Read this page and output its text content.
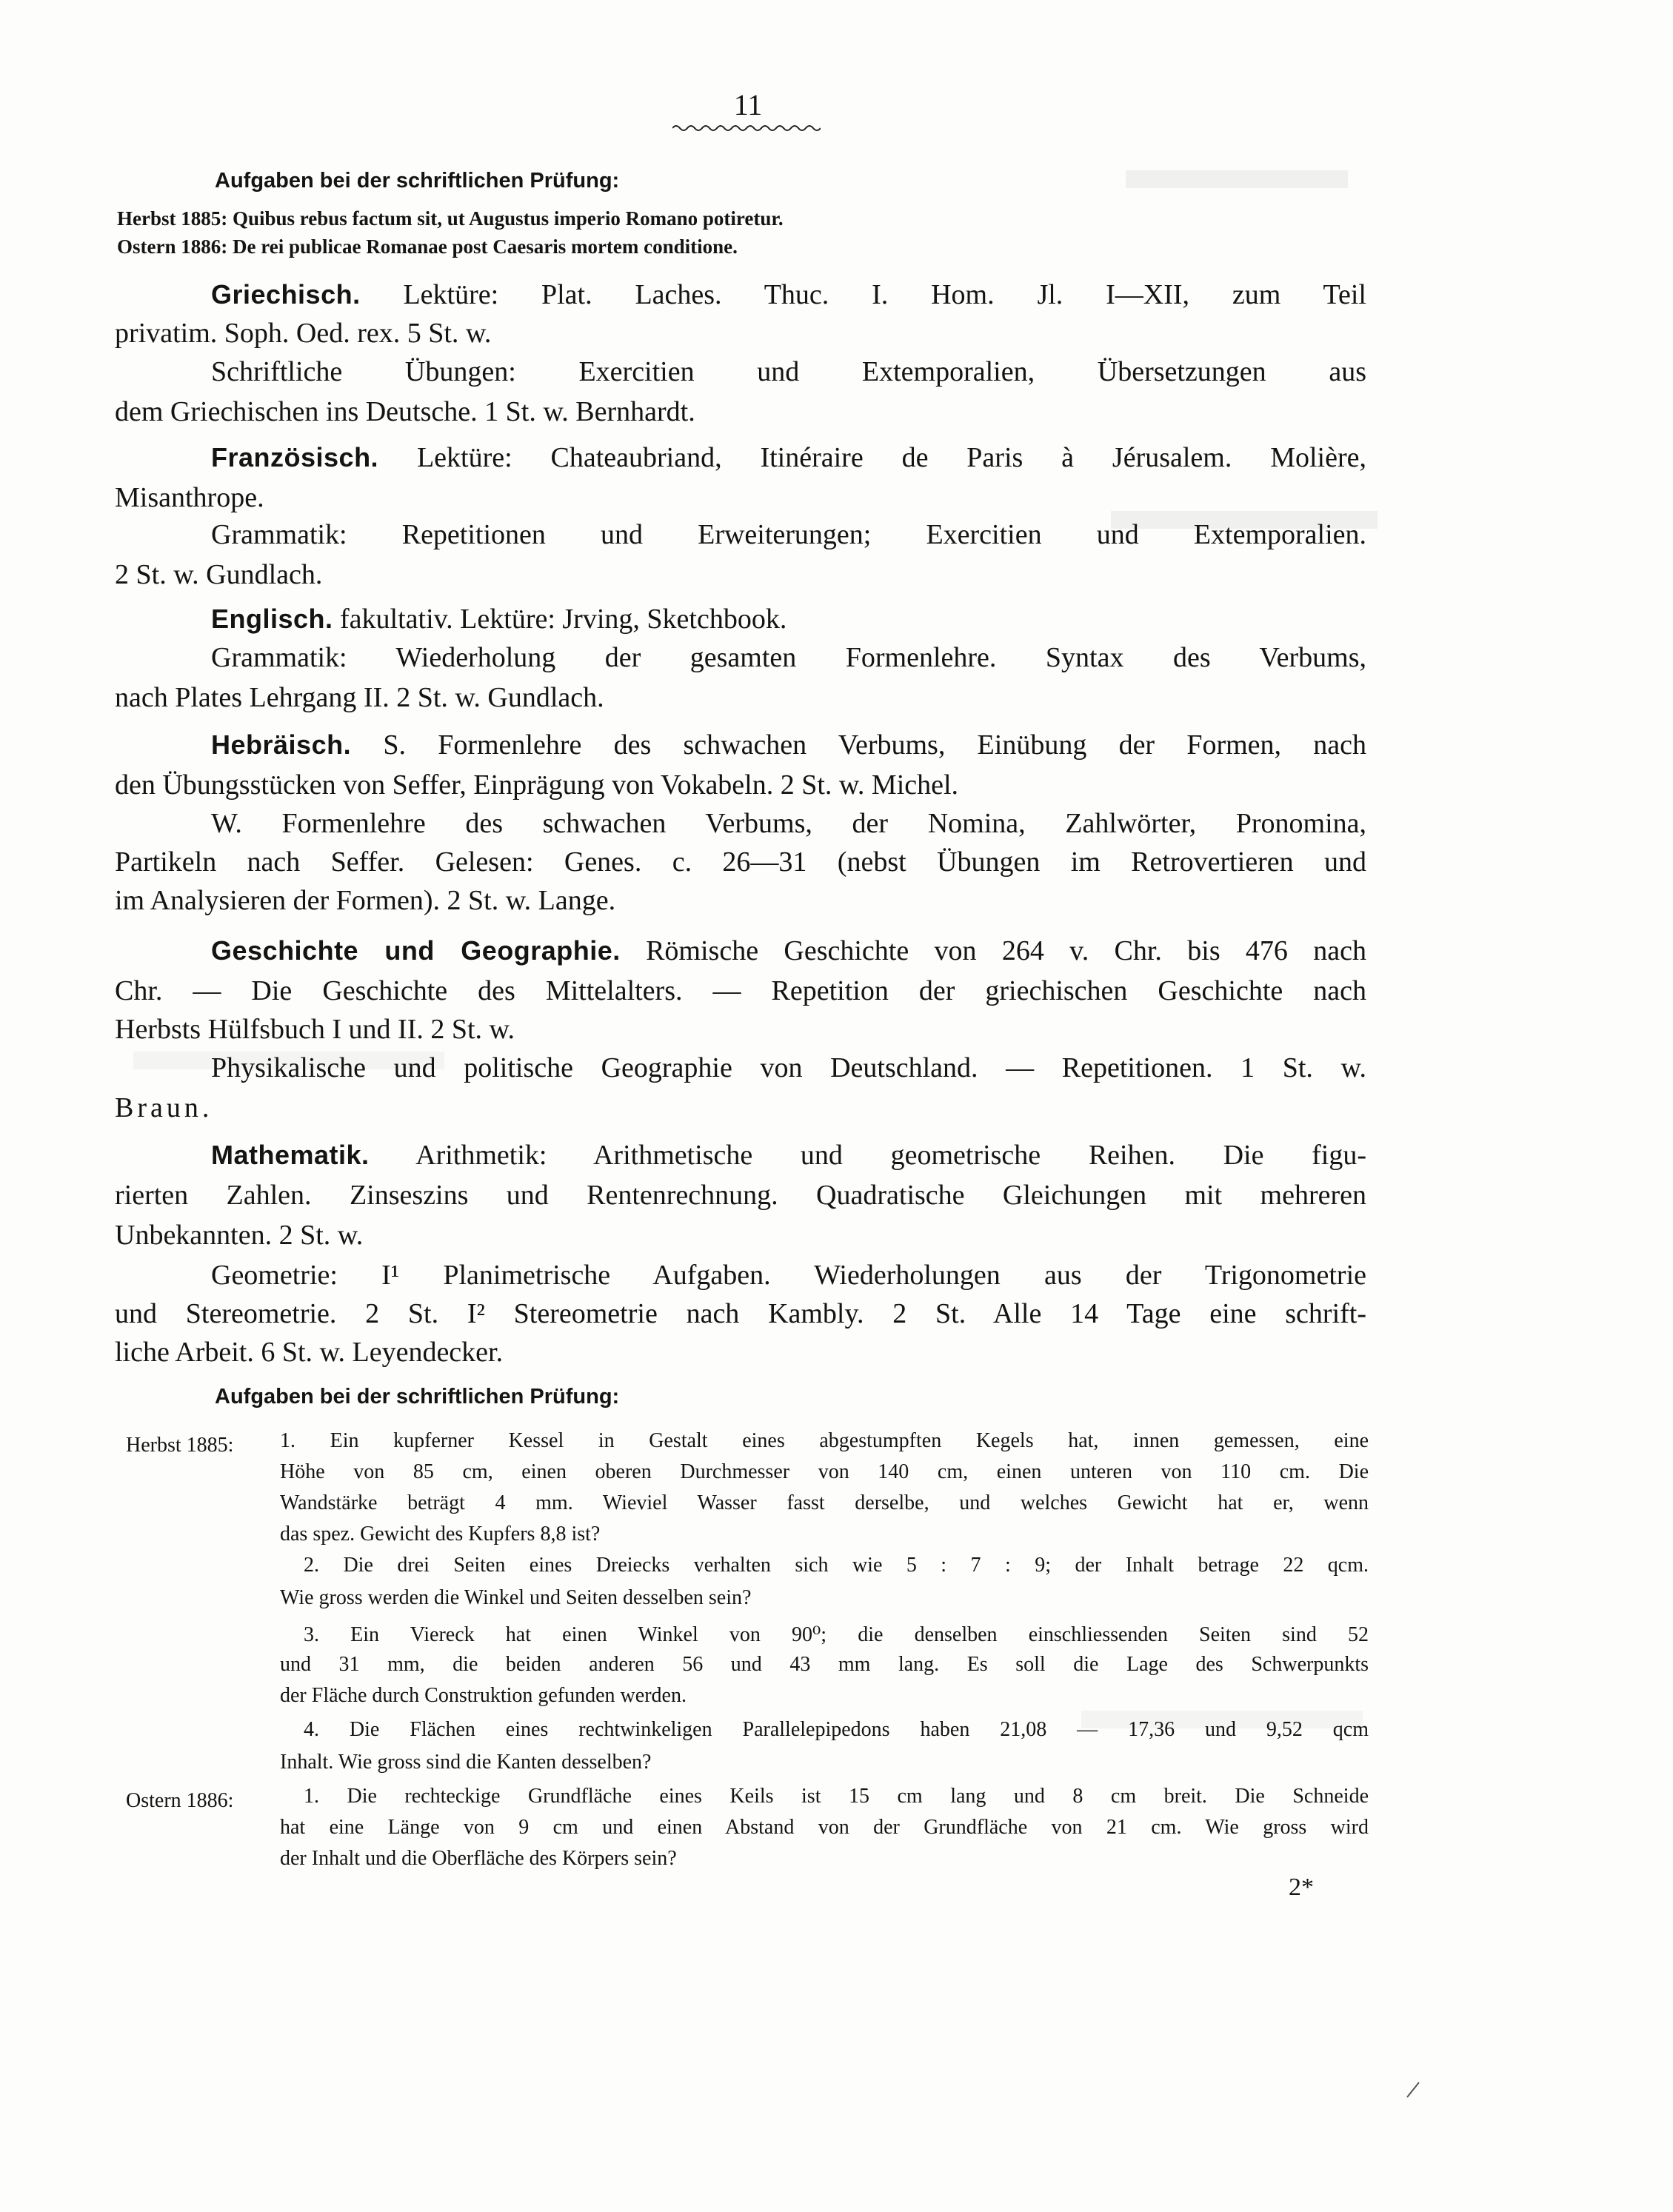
11
Aufgaben bei der schriftlichen Prüfung:
Herbst 1885: Quibus rebus factum sit, ut Augustus imperio Romano potiretur.
Ostern 1886: De rei publicae Romanae post Caesaris mortem conditione.
Griechisch. Lektüre: Plat. Laches. Thuc. I. Hom. Jl. I—XII, zum Teil
privatim. Soph. Oed. rex. 5 St. w.
Schriftliche Übungen: Exercitien und Extemporalien, Übersetzungen aus
dem Griechischen ins Deutsche. 1 St. w. Bernhardt.
Französisch. Lektüre: Chateaubriand, Itinéraire de Paris à Jérusalem. Molière,
Misanthrope.
Grammatik: Repetitionen und Erweiterungen; Exercitien und Extemporalien.
2 St. w. Gundlach.
Englisch. fakultativ. Lektüre: Jrving, Sketchbook.
Grammatik: Wiederholung der gesamten Formenlehre. Syntax des Verbums,
nach Plates Lehrgang II. 2 St. w. Gundlach.
Hebräisch. S. Formenlehre des schwachen Verbums, Einübung der Formen, nach
den Übungsstücken von Seffer, Einprägung von Vokabeln. 2 St. w. Michel.
W. Formenlehre des schwachen Verbums, der Nomina, Zahlwörter, Pronomina,
Partikeln nach Seffer. Gelesen: Genes. c. 26—31 (nebst Übungen im Retrovertieren und
im Analysieren der Formen). 2 St. w. Lange.
Geschichte und Geographie. Römische Geschichte von 264 v. Chr. bis 476 nach
Chr. — Die Geschichte des Mittelalters. — Repetition der griechischen Geschichte nach
Herbsts Hülfsbuch I und II. 2 St. w.
Physikalische und politische Geographie von Deutschland. — Repetitionen. 1 St. w.
Braun.
Mathematik. Arithmetik: Arithmetische und geometrische Reihen. Die figu-
rierten Zahlen. Zinseszins und Rentenrechnung. Quadratische Gleichungen mit mehreren
Unbekannten. 2 St. w.
Geometrie: I¹ Planimetrische Aufgaben. Wiederholungen aus der Trigonometrie
und Stereometrie. 2 St. I² Stereometrie nach Kambly. 2 St. Alle 14 Tage eine schrift-
liche Arbeit. 6 St. w. Leyendecker.
Aufgaben bei der schriftlichen Prüfung:
Herbst 1885: 1. Ein kupferner Kessel in Gestalt eines abgestumpften Kegels hat, innen gemessen, eine
Höhe von 85 cm, einen oberen Durchmesser von 140 cm, einen unteren von 110 cm. Die
Wandstärke beträgt 4 mm. Wieviel Wasser fasst derselbe, und welches Gewicht hat er, wenn
das spez. Gewicht des Kupfers 8,8 ist?
2. Die drei Seiten eines Dreiecks verhalten sich wie 5 : 7 : 9; der Inhalt betrage 22 qcm.
Wie gross werden die Winkel und Seiten desselben sein?
3. Ein Viereck hat einen Winkel von 90⁰; die denselben einschliessenden Seiten sind 52
und 31 mm, die beiden anderen 56 und 43 mm lang. Es soll die Lage des Schwerpunkts
der Fläche durch Construktion gefunden werden.
4. Die Flächen eines rechtwinkeligen Parallelepipedons haben 21,08 — 17,36 und 9,52 qcm
Inhalt. Wie gross sind die Kanten desselben?
Ostern 1886:	1. Die rechteckige Grundfläche eines Keils ist 15 cm lang und 8 cm breit. Die Schneide
hat eine Länge von 9 cm und einen Abstand von der Grundfläche von 21 cm. Wie gross wird
der Inhalt und die Oberfläche des Körpers sein?
2*
